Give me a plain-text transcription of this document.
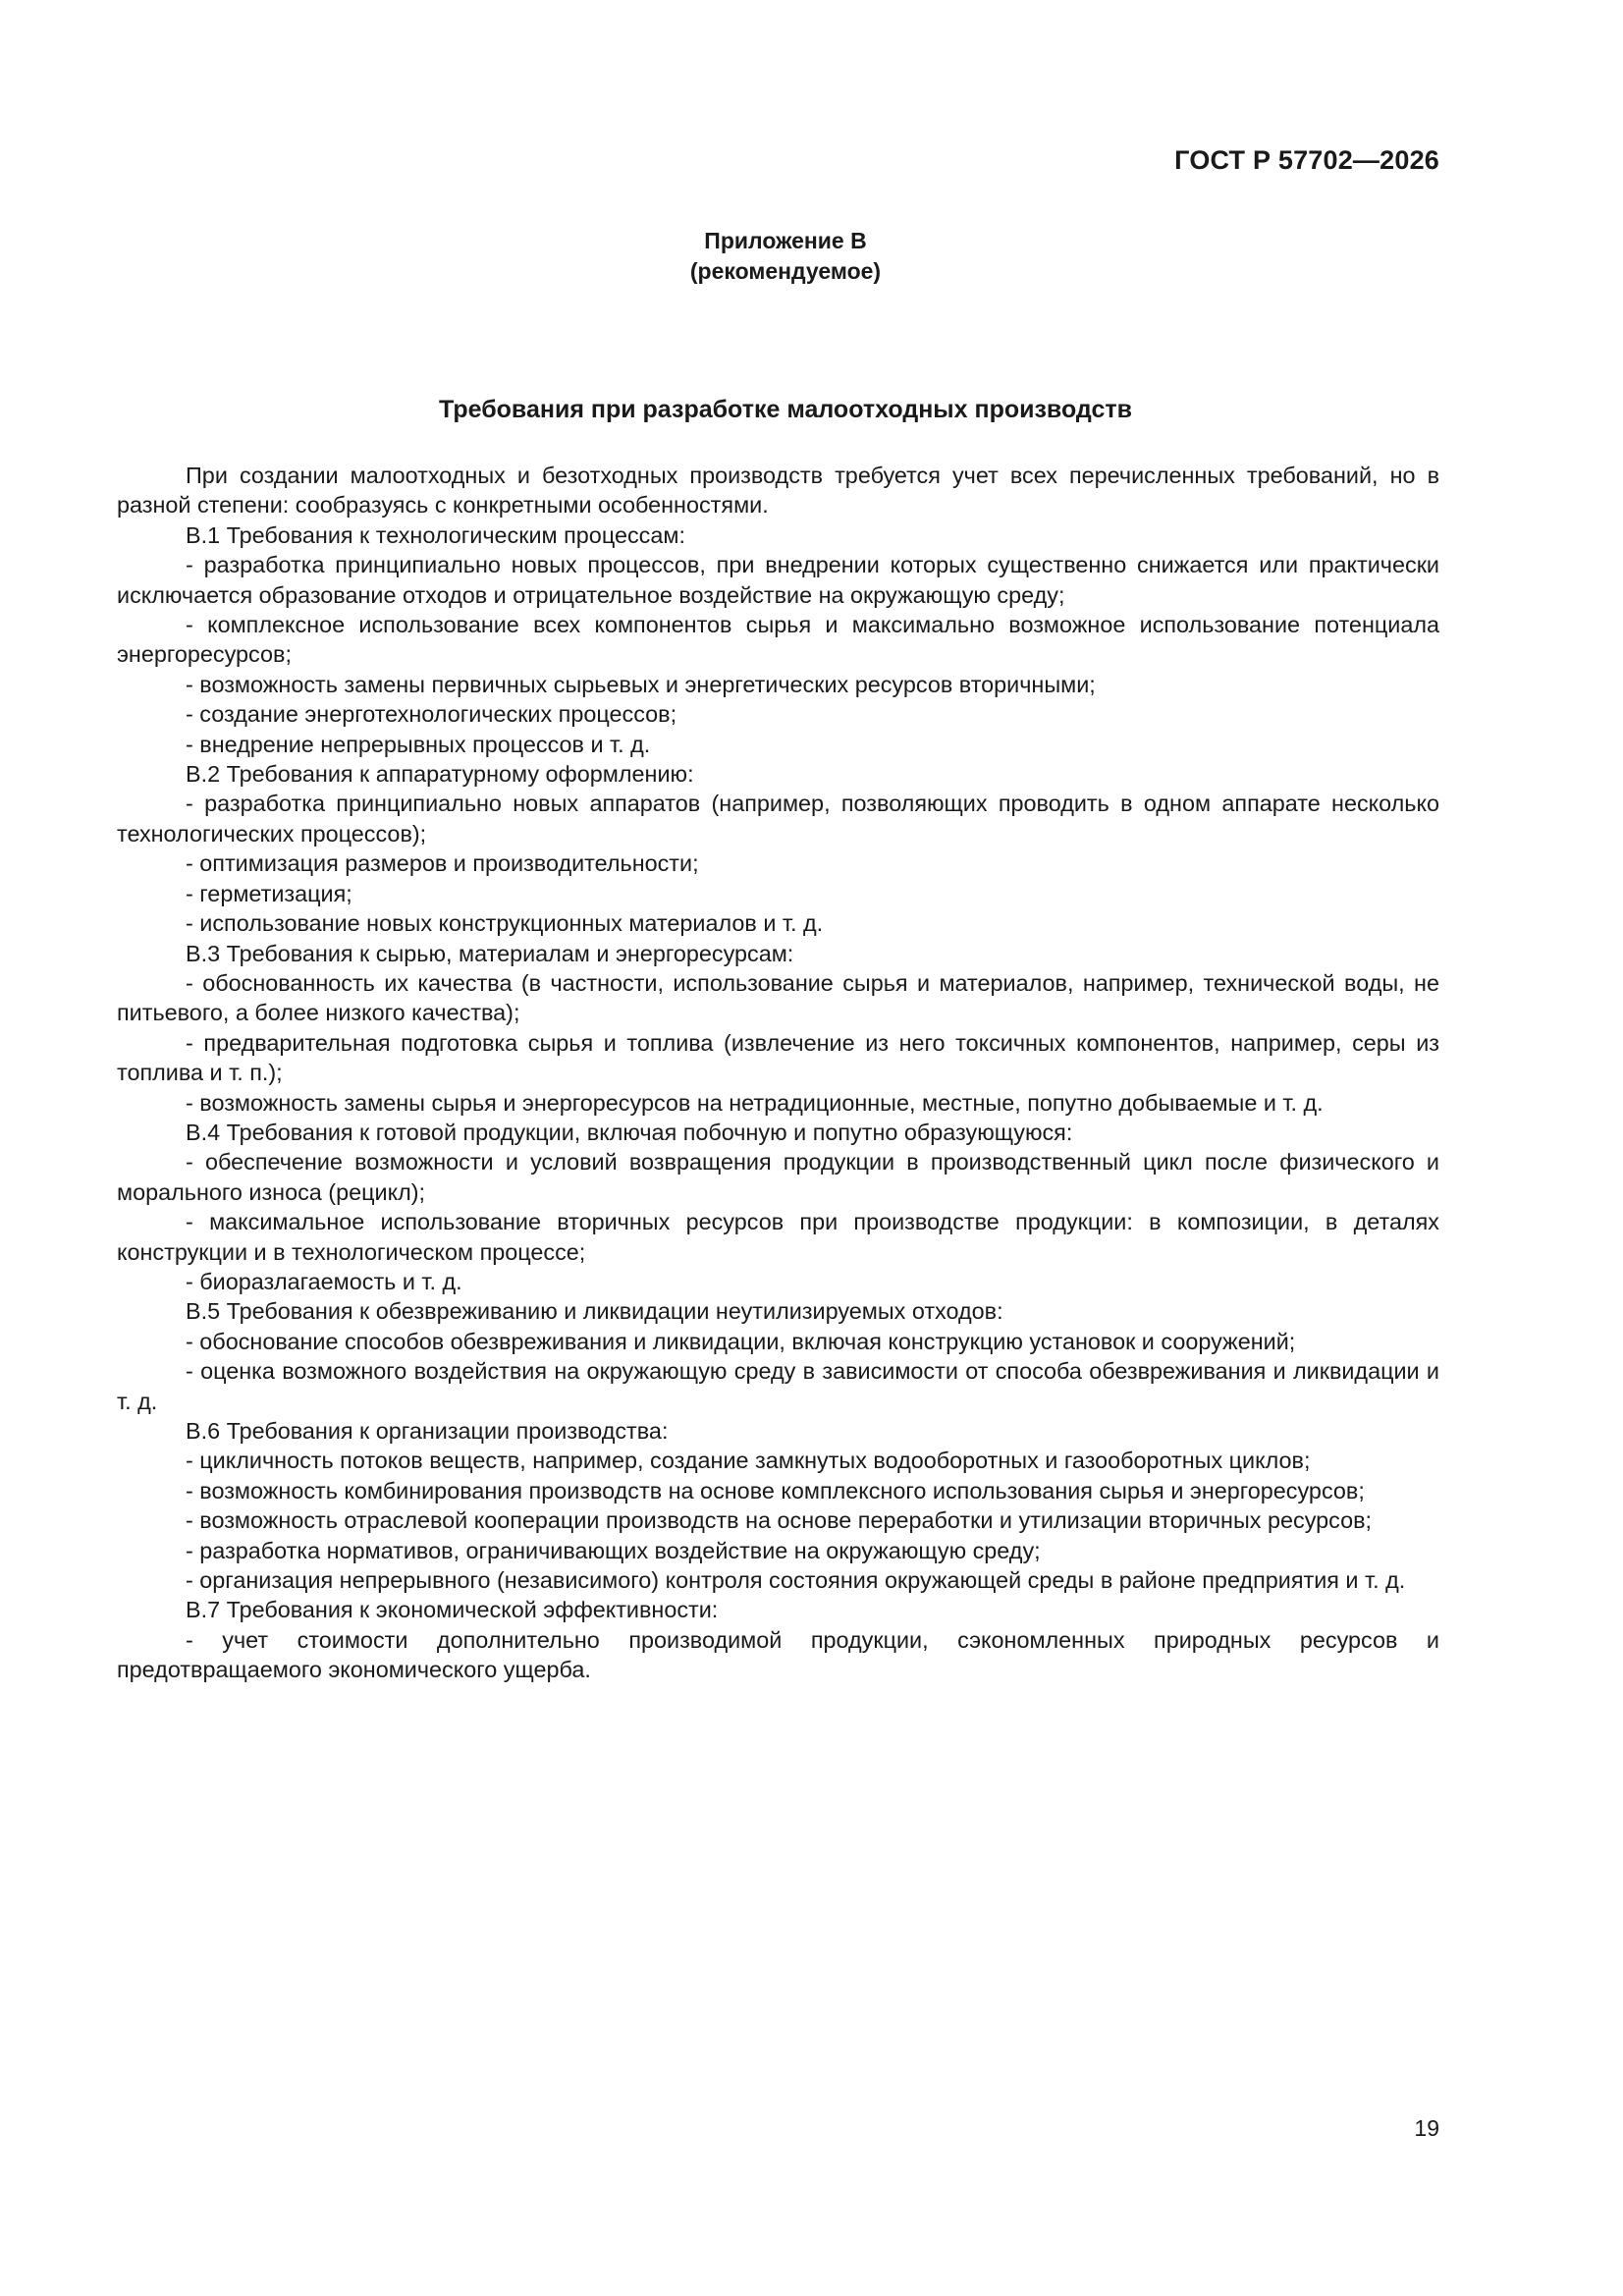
ГОСТ Р 57702—2026
Приложение В
(рекомендуемое)
Требования при разработке малоотходных производств

При создании малоотходных и безотходных производств требуется учет всех перечисленных требований, но в разной степени: сообразуясь с конкретными особенностями.

В.1 Требования к технологическим процессам:

- разработка принципиально новых процессов, при внедрении которых существенно снижается или практически исключается образование отходов и отрицательное воздействие на окружающую среду;

- комплексное использование всех компонентов сырья и максимально возможное использование потенциала энергоресурсов;

- возможность замены первичных сырьевых и энергетических ресурсов вторичными;

- создание энерготехнологических процессов;

- внедрение непрерывных процессов и т. д.

В.2 Требования к аппаратурному оформлению:

- разработка принципиально новых аппаратов (например, позволяющих проводить в одном аппарате несколько технологических процессов);

- оптимизация размеров и производительности;

- герметизация;

- использование новых конструкционных материалов и т. д.

В.3 Требования к сырью, материалам и энергоресурсам:

- обоснованность их качества (в частности, использование сырья и материалов, например, технической воды, не питьевого, а более низкого качества);

- предварительная подготовка сырья и топлива (извлечение из него токсичных компонентов, например, серы из топлива и т. п.);

- возможность замены сырья и энергоресурсов на нетрадиционные, местные, попутно добываемые и т. д.

В.4 Требования к готовой продукции, включая побочную и попутно образующуюся:

- обеспечение возможности и условий возвращения продукции в производственный цикл после физического и морального износа (рецикл);

- максимальное использование вторичных ресурсов при производстве продукции: в композиции, в деталях конструкции и в технологическом процессе;

- биоразлагаемость и т. д.

В.5 Требования к обезвреживанию и ликвидации неутилизируемых отходов:

- обоснование способов обезвреживания и ликвидации, включая конструкцию установок и сооружений;

- оценка возможного воздействия на окружающую среду в зависимости от способа обезвреживания и ликвидации и т. д.

В.6 Требования к организации производства:

- цикличность потоков веществ, например, создание замкнутых водооборотных и газооборотных циклов;

- возможность комбинирования производств на основе комплексного использования сырья и энергоресурсов;

- возможность отраслевой кооперации производств на основе переработки и утилизации вторичных ресурсов;

- разработка нормативов, ограничивающих воздействие на окружающую среду;

- организация непрерывного (независимого) контроля состояния окружающей среды в районе предприятия и т. д.

В.7 Требования к экономической эффективности:

- учет стоимости дополнительно производимой продукции, сэкономленных природных ресурсов и предотвращаемого экономического ущерба.

19
